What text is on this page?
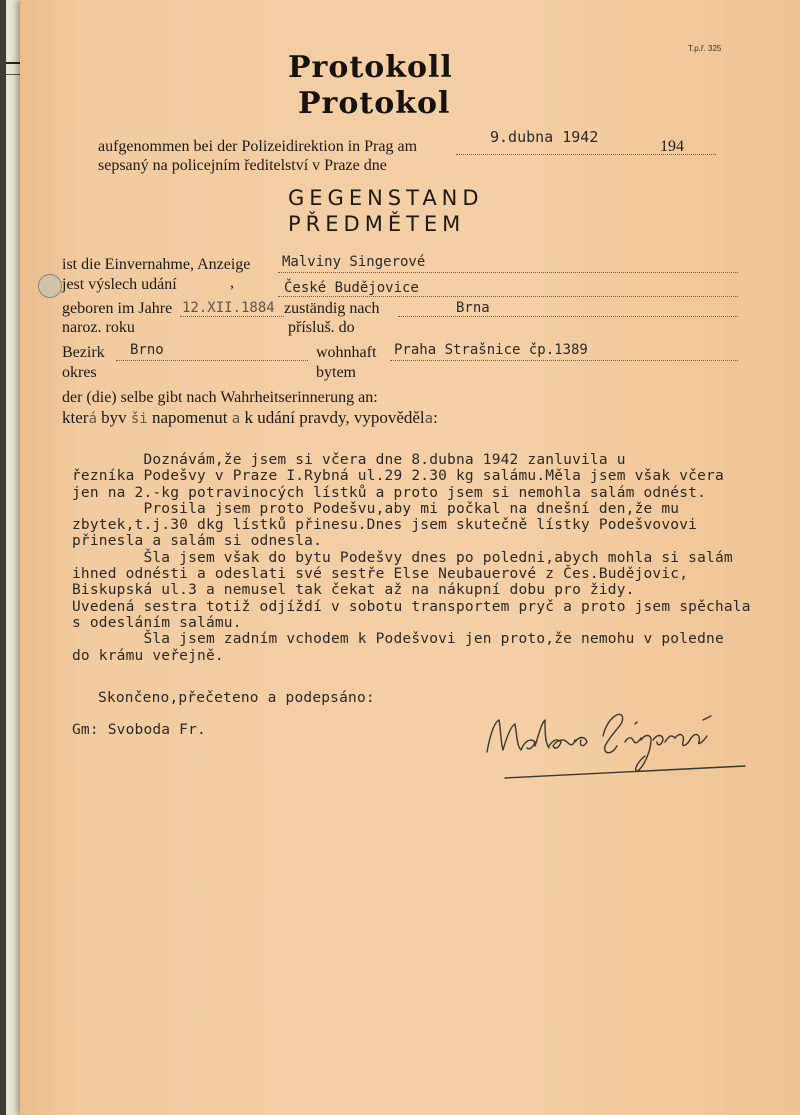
T.p.ř. 325
Protokoll
Protokol
aufgenommen bei der Polizeidirektion in Prag am
sepsaný na policejním ředitelství v Praze dne
9.dubna 1942
194
GEGENSTAND
PŘEDMĚTEM
ist die Einvernahme, Anzeige
jest výslech udání	,
Malviny Singerové
České Budějovice
geboren im Jahre
naroz. roku
12.XII.1884 zuständig nach
přísluš. do
Brna
Bezirk
okres
Brno	wohnhaft
bytem
Praha Strašnice čp.1389
der (die) selbe gibt nach Wahrheitserinnerung an:
která byv ši napomenut a k udání pravdy, vypověděla:
Doznávám,že jsem si včera dne 8.dubna 1942 zanluvila u
řezníka Podešvy v Praze I.Rybná ul.29 2.30 kg salámu.Měla jsem však včera
jen na 2.-kg potravinocých lístků a proto jsem si nemohla salám odnést.
Prosila jsem proto Podešvu,aby mi počkal na dnešní den,že mu
zbytek,t.j.30 dkg lístků přinesu.Dnes jsem skutečně lístky Podešvovovi
přinesla a salám si odnesla.
Šla jsem však do bytu Podešvy dnes po poledni,abych mohla si salám
ihned odnésti a odeslati své sestře Else Neubauerové z Čes.Budějovic,
Biskupská ul.3 a nemusel tak čekat až na nákupní dobu pro židy.
Uvedená sestra totiž odjíždí v sobotu transportem pryč a proto jsem spěchala
s odesláním salámu.
Šla jsem zadním vchodem k Podešvovi jen proto,že nemohu v poledne
do krámu veřejně.
Skončeno,přečeteno a podepsáno:
Gm: Svoboda Fr.
Malvina Singerová
